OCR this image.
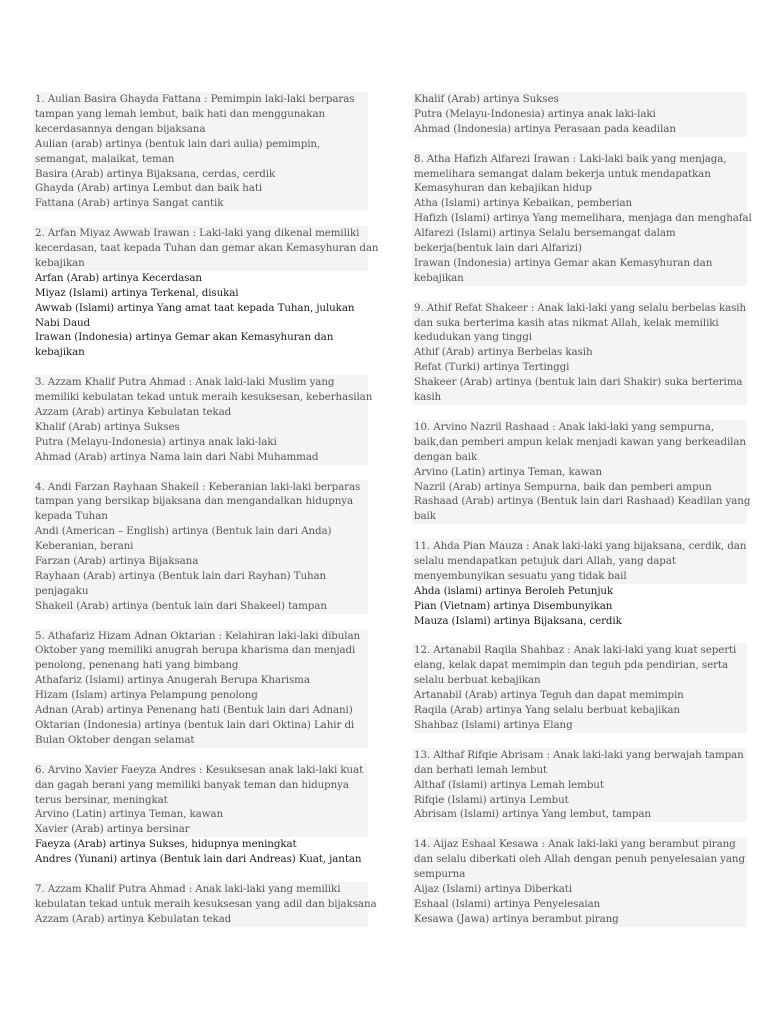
1. Aulian Basira Ghayda Fattana : Pemimpin laki-laki berparas
tampan yang lemah lembut, baik hati dan menggunakan
kecerdasannya dengan bijaksana
Aulian (arab) artinya (bentuk lain dari aulia) pemimpin,
semangat, malaikat, teman
Basira (Arab) artinya Bijaksana, cerdas, cerdik
Ghayda (Arab) artinya Lembut dan baik hati
Fattana (Arab) artinya Sangat cantik
2. Arfan Miyaz Awwab Irawan : Laki-laki yang dikenal memiliki
kecerdasan, taat kepada Tuhan dan gemar akan Kemasyhuran dan
kebajikan
Arfan (Arab) artinya Kecerdasan
Miyaz (Islami) artinya Terkenal, disukai
Awwab (Islami) artinya Yang amat taat kepada Tuhan, julukan
Nabi Daud
Irawan (Indonesia) artinya Gemar akan Kemasyhuran dan
kebajikan
3. Azzam Khalif Putra Ahmad : Anak laki-laki Muslim yang
memiliki kebulatan tekad untuk meraih kesuksesan, keberhasilan
Azzam (Arab) artinya Kebulatan tekad
Khalif (Arab) artinya Sukses
Putra (Melayu-Indonesia) artinya anak laki-laki
Ahmad (Arab) artinya Nama lain dari Nabi Muhammad
4. Andi Farzan Rayhaan Shakeil : Keberanian laki-laki berparas
tampan yang bersikap bijaksana dan mengandalkan hidupnya
kepada Tuhan
Andi (American – English) artinya (Bentuk lain dari Anda)
Keberanian, berani
Farzan (Arab) artinya Bijaksana
Rayhaan (Arab) artinya (Bentuk lain dari Rayhan) Tuhan
penjagaku
Shakeil (Arab) artinya (bentuk lain dari Shakeel) tampan
5. Athafariz Hizam Adnan Oktarian : Kelahiran laki-laki dibulan
Oktober yang memiliki anugrah berupa kharisma dan menjadi
penolong, penenang hati yang bimbang
Athafariz (Islami) artinya Anugerah Berupa Kharisma
Hizam (Islam) artinya Pelampung penolong
Adnan (Arab) artinya Penenang hati (Bentuk lain dari Adnani)
Oktarian (Indonesia) artinya (bentuk lain dari Oktina) Lahir di
Bulan Oktober dengan selamat
6. Arvino Xavier Faeyza Andres : Kesuksesan anak laki-laki kuat
dan gagah berani yang memiliki banyak teman dan hidupnya
terus bersinar, meningkat
Arvino (Latin) artinya Teman, kawan
Xavier (Arab) artinya bersinar
Faeyza (Arab) artinya Sukses, hidupnya meningkat
Andres (Yunani) artinya (Bentuk lain dari Andreas) Kuat, jantan
7. Azzam Khalif Putra Ahmad : Anak laki-laki yang memiliki
kebulatan tekad untuk meraih kesuksesan yang adil dan bijaksana
Azzam (Arab) artinya Kebulatan tekad
Khalif (Arab) artinya Sukses
Putra (Melayu-Indonesia) artinya anak laki-laki
Ahmad (Indonesia) artinya Perasaan pada keadilan
8. Atha Hafizh Alfarezi Irawan : Laki-laki baik yang menjaga,
memelihara semangat dalam bekerja untuk mendapatkan
Kemasyhuran dan kebajikan hidup
Atha (Islami) artinya Kebaikan, pemberian
Hafizh (Islami) artinya Yang memelihara, menjaga dan menghafal
Alfarezi (Islami) artinya Selalu bersemangat dalam
bekerja(bentuk lain dari Alfarizi)
Irawan (Indonesia) artinya Gemar akan Kemasyhuran dan
kebajikan
9. Athif Refat Shakeer : Anak laki-laki yang selalu berbelas kasih
dan suka berterima kasih atas nikmat Allah, kelak memiliki
kedudukan yang tinggi
Athif (Arab) artinya Berbelas kasih
Refat (Turki) artinya Tertinggi
Shakeer (Arab) artinya (bentuk lain dari Shakir) suka berterima
kasih
10. Arvino Nazril Rashaad : Anak laki-laki yang sempurna,
baik,dan pemberi ampun kelak menjadi kawan yang berkeadilan
dengan baik
Arvino (Latin) artinya Teman, kawan
Nazril (Arab) artinya Sempurna, baik dan pemberi ampun
Rashaad (Arab) artinya (Bentuk lain dari Rashaad) Keadilan yang
baik
11. Ahda Pian Mauza : Anak laki-laki yang bijaksana, cerdik, dan
selalu mendapatkan petujuk dari Allah, yang dapat
menyembunyikan sesuatu yang tidak bail
Ahda (islami) artinya Beroleh Petunjuk
Pian (Vietnam) artinya Disembunyikan
Mauza (Islami) artinya Bijaksana, cerdik
12. Artanabil Raqila Shahbaz : Anak laki-laki yang kuat seperti
elang, kelak dapat memimpin dan teguh pda pendirian, serta
selalu berbuat kebajikan
Artanabil (Arab) artinya Teguh dan dapat memimpin
Raqila (Arab) artinya Yang selalu berbuat kebajikan
Shahbaz (Islami) artinya Elang
13. Althaf Rifqie Abrisam : Anak laki-laki yang berwajah tampan
dan berhati lemah lembut
Althaf (Islami) artinya Lemah lembut
Rifqie (Islami) artinya Lembut
Abrisam (Islami) artinya Yang lembut, tampan
14. Aijaz Eshaal Kesawa : Anak laki-laki yang berambut pirang
dan selalu diberkati oleh Allah dengan penuh penyelesaian yang
sempurna
Aijaz (Islami) artinya Diberkati
Eshaal (Islami) artinya Penyelesaian
Kesawa (Jawa) artinya berambut pirang
